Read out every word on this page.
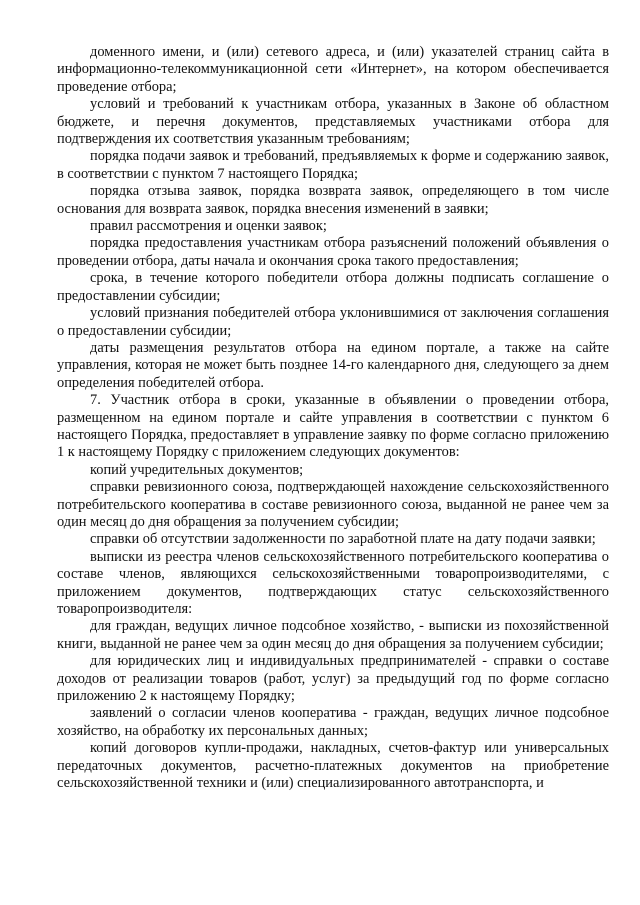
доменного имени, и (или) сетевого адреса, и (или) указателей страниц сайта в информационно-телекоммуникационной сети «Интернет», на котором обеспечивается проведение отбора;

условий и требований к участникам отбора, указанных в Законе об областном бюджете, и перечня документов, представляемых участниками отбора для подтверждения их соответствия указанным требованиям;

порядка подачи заявок и требований, предъявляемых к форме и содержанию заявок, в соответствии с пунктом 7 настоящего Порядка;

порядка отзыва заявок, порядка возврата заявок, определяющего в том числе основания для возврата заявок, порядка внесения изменений в заявки;

правил рассмотрения и оценки заявок;

порядка предоставления участникам отбора разъяснений положений объявления о проведении отбора, даты начала и окончания срока такого предоставления;

срока, в течение которого победители отбора должны подписать соглашение о предоставлении субсидии;

условий признания победителей отбора уклонившимися от заключения соглашения о предоставлении субсидии;

даты размещения результатов отбора на едином портале, а также на сайте управления, которая не может быть позднее 14-го календарного дня, следующего за днем определения победителей отбора.

7. Участник отбора в сроки, указанные в объявлении о проведении отбора, размещенном на едином портале и сайте управления в соответствии с пунктом 6 настоящего Порядка, предоставляет в управление заявку по форме согласно приложению 1 к настоящему Порядку с приложением следующих документов:

копий учредительных документов;

справки ревизионного союза, подтверждающей нахождение сельскохозяйственного потребительского кооператива в составе ревизионного союза, выданной не ранее чем за один месяц до дня обращения за получением субсидии;

справки об отсутствии задолженности по заработной плате на дату подачи заявки;

выписки из реестра членов сельскохозяйственного потребительского кооператива о составе членов, являющихся сельскохозяйственными товаропроизводителями, с приложением документов, подтверждающих статус сельскохозяйственного товаропроизводителя:

для граждан, ведущих личное подсобное хозяйство, - выписки из похозяйственной книги, выданной не ранее чем за один месяц до дня обращения за получением субсидии;

для юридических лиц и индивидуальных предпринимателей - справки о составе доходов от реализации товаров (работ, услуг) за предыдущий год по форме согласно приложению 2 к настоящему Порядку;

заявлений о согласии членов кооператива - граждан, ведущих личное подсобное хозяйство, на обработку их персональных данных;

копий договоров купли-продажи, накладных, счетов-фактур или универсальных передаточных документов, расчетно-платежных документов на приобретение сельскохозяйственной техники и (или) специализированного автотранспорта, и
